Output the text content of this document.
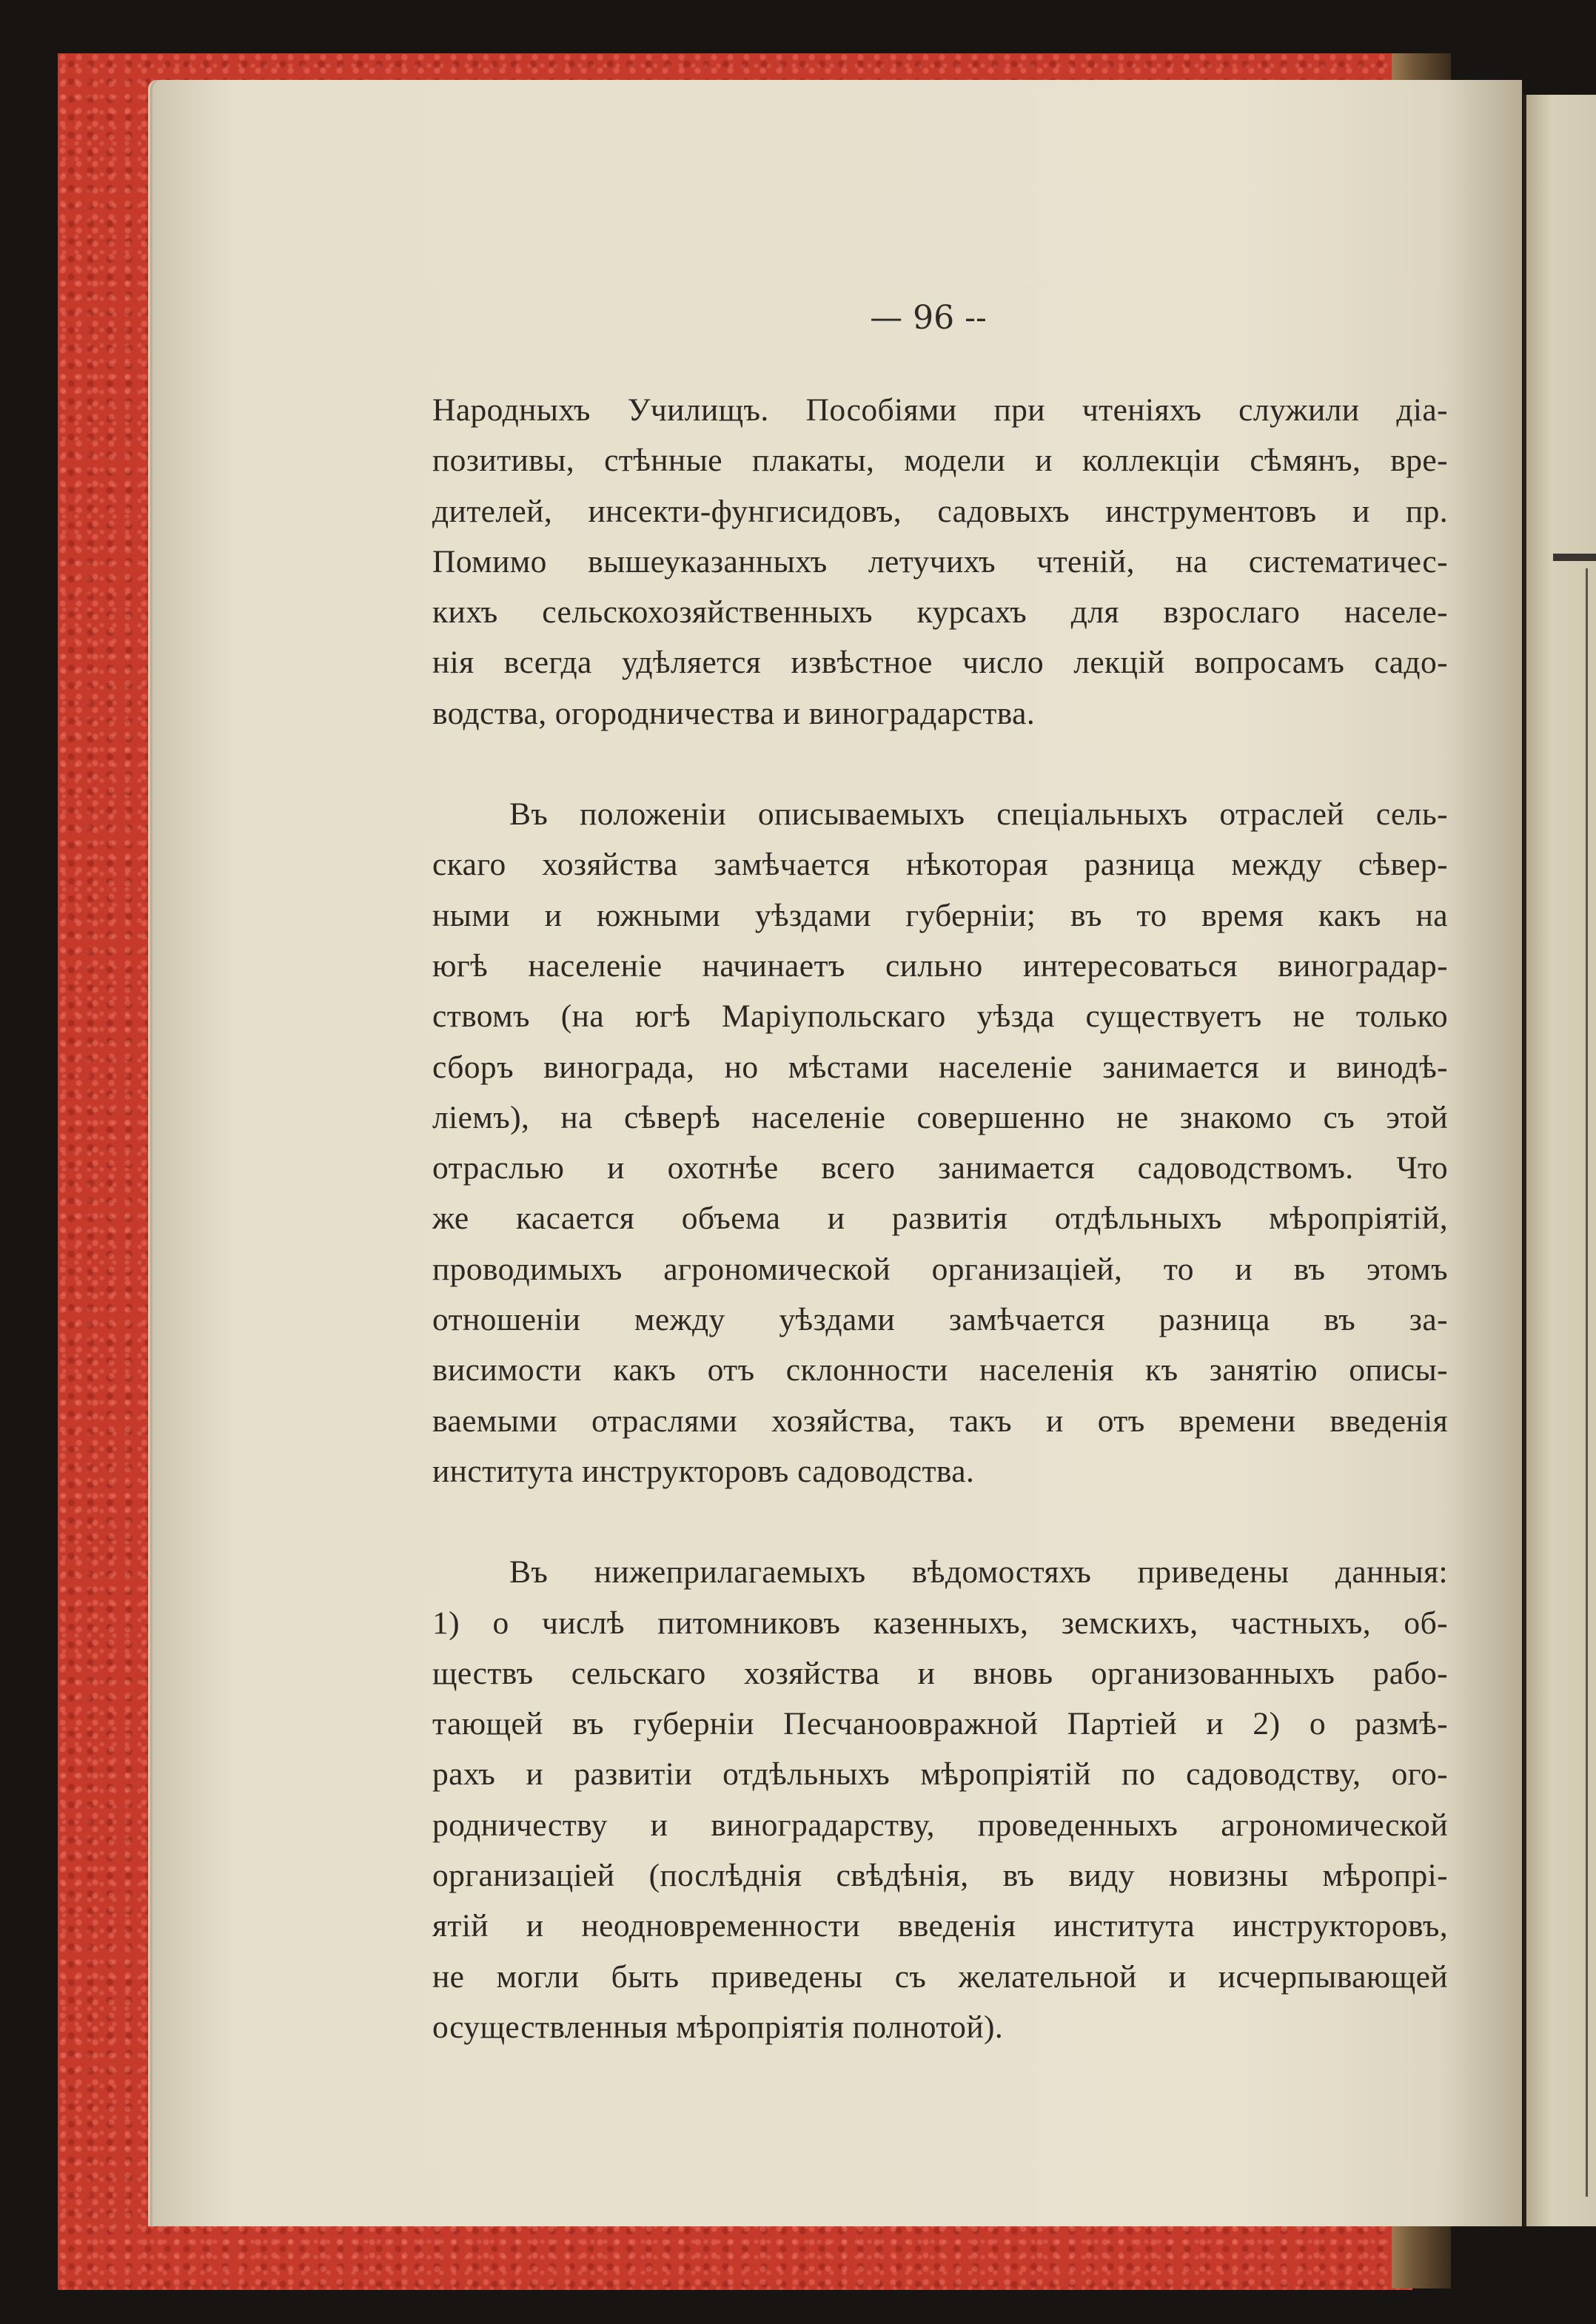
— 96 --
Народныхъ Училищъ. Пособіями при чтеніяхъ служили діа-
позитивы, стѣнные плакаты, модели и коллекціи сѣмянъ, вре-
дителей, инсекти-фунгисидовъ, садовыхъ инструментовъ и пр.
Помимо вышеуказанныхъ летучихъ чтеній, на систематичес-
кихъ сельскохозяйственныхъ курсахъ для взрослаго населе-
нія всегда удѣляется извѣстное число лекцій вопросамъ садо-
водства, огородничества и виноградарства.
Въ положеніи описываемыхъ спеціальныхъ отраслей сель-
скаго хозяйства замѣчается нѣкоторая разница между сѣвер-
ными и южными уѣздами губерніи; въ то время какъ на
югѣ населеніе начинаетъ сильно интересоваться виноградар-
ствомъ (на югѣ Маріупольскаго уѣзда существуетъ не только
сборъ винограда, но мѣстами населеніе занимается и винодѣ-
ліемъ), на сѣверѣ населеніе совершенно не знакомо съ этой
отраслью и охотнѣе всего занимается садоводствомъ. Что
же касается объема и развитія отдѣльныхъ мѣропріятій,
проводимыхъ агрономической организаціей, то и въ этомъ
отношеніи между уѣздами замѣчается разница въ за-
висимости какъ отъ склонности населенія къ занятію описы-
ваемыми отраслями хозяйства, такъ и отъ времени введенія
института инструкторовъ садоводства.
Въ нижеприлагаемыхъ вѣдомостяхъ приведены данныя:
1) о числѣ питомниковъ казенныхъ, земскихъ, частныхъ, об-
ществъ сельскаго хозяйства и вновь организованныхъ рабо-
тающей въ губерніи Песчанооврaжной Партіей и 2) о размѣ-
рахъ и развитіи отдѣльныхъ мѣропріятій по садоводству, ого-
родничеству и виноградарству, проведенныхъ агрономической
организаціей (послѣднія свѣдѣнія, въ виду новизны мѣропрі-
ятій и неодновременности введенія института инструкторовъ,
не могли быть приведены съ желательной и исчерпывающей
осуществленныя мѣропріятія полнотой).
